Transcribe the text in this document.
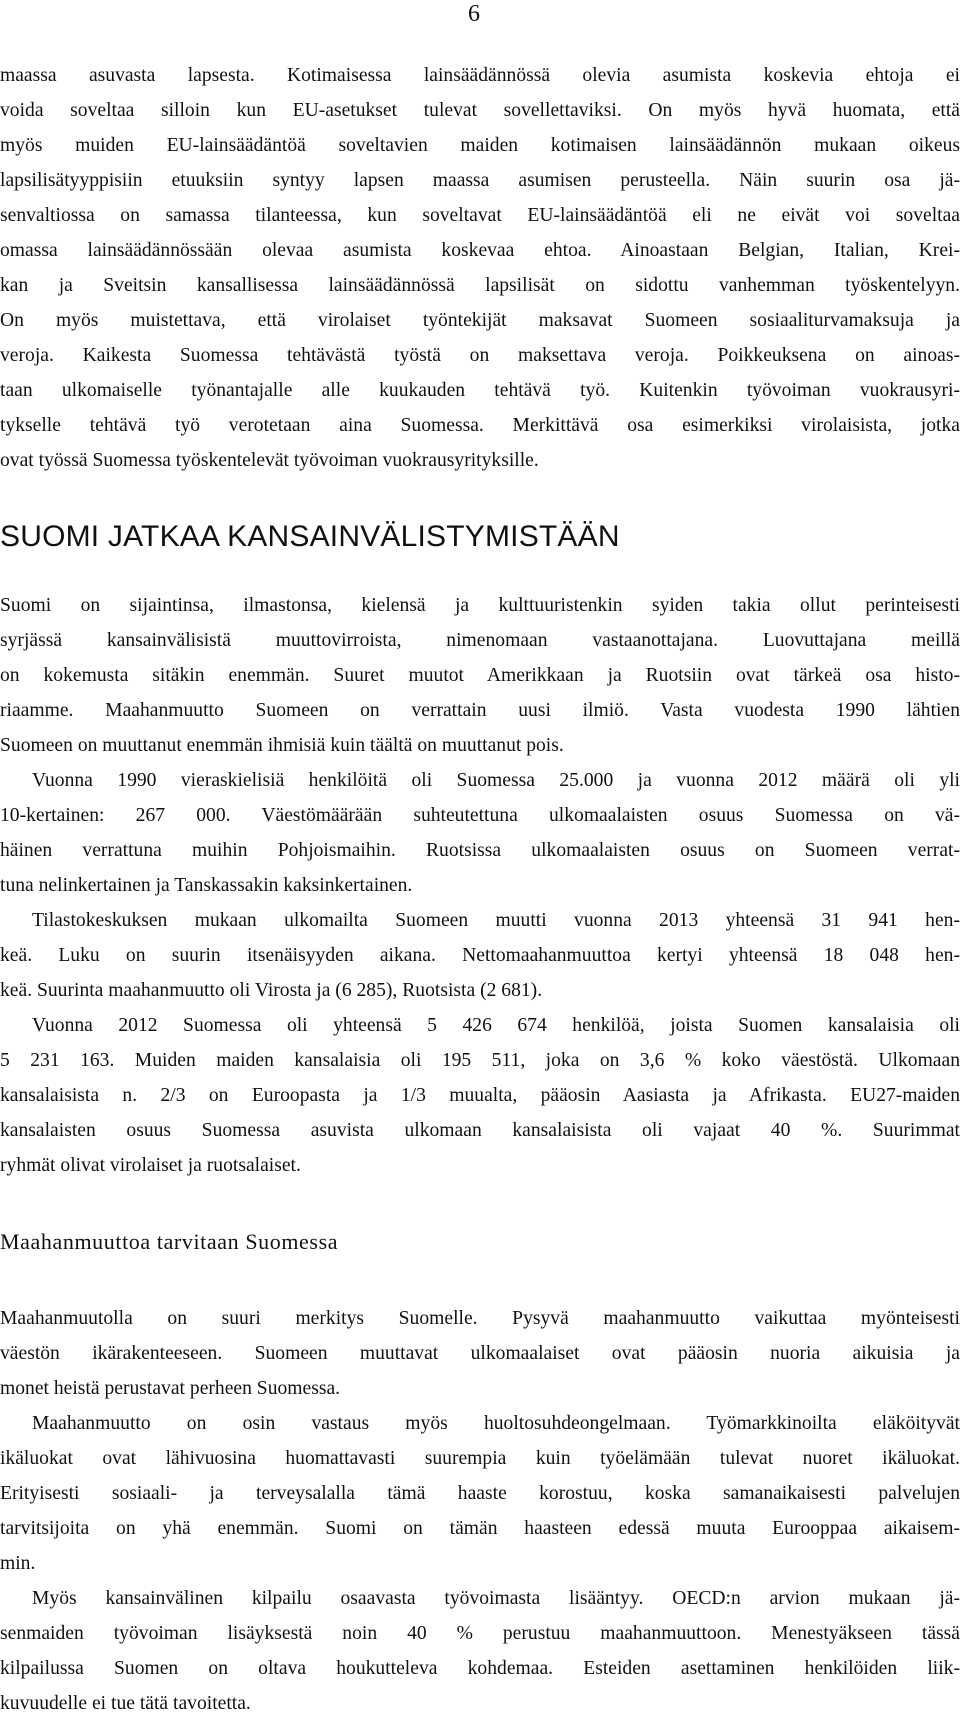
6
maassa asuvasta lapsesta. Kotimaisessa lainsäädännössä olevia asumista koskevia ehtoja ei
voida soveltaa silloin kun EU-asetukset tulevat sovellettaviksi. On myös hyvä huomata, että
myös muiden EU-lainsäädäntöä soveltavien maiden kotimaisen lainsäädännön mukaan oikeus
lapsilisätyyppisiin etuuksiin syntyy lapsen maassa asumisen perusteella. Näin suurin osa jä-
senvaltiossa on samassa tilanteessa, kun soveltavat EU-lainsäädäntöä eli ne eivät voi soveltaa
omassa lainsäädännössään olevaa asumista koskevaa ehtoa. Ainoastaan Belgian, Italian, Krei-
kan ja Sveitsin kansallisessa lainsäädännössä lapsilisät on sidottu vanhemman työskentelyyn.
On myös muistettava, että virolaiset työntekijät maksavat Suomeen sosiaaliturvamaksuja ja
veroja. Kaikesta Suomessa tehtävästä työstä on maksettava veroja. Poikkeuksena on ainoas-
taan ulkomaiselle työnantajalle alle kuukauden tehtävä työ. Kuitenkin työvoiman vuokrausyri-
tykselle tehtävä työ verotetaan aina Suomessa. Merkittävä osa esimerkiksi virolaisista, jotka
ovat työssä Suomessa työskentelevät työvoiman vuokrausyrityksille.
SUOMI JATKAA KANSAINVÄLISTYMISTÄÄN
Suomi on sijaintinsa, ilmastonsa, kielensä ja kulttuuristenkin syiden takia ollut perinteisesti
syrjässä kansainvälisistä muuttovirroista, nimenomaan vastaanottajana. Luovuttajana meillä
on kokemusta sitäkin enemmän. Suuret muutot Amerikkaan ja Ruotsiin ovat tärkeä osa histo-
riaamme. Maahanmuutto Suomeen on verrattain uusi ilmiö. Vasta vuodesta 1990 lähtien
Suomeen on muuttanut enemmän ihmisiä kuin täältä on muuttanut pois.
Vuonna 1990 vieraskielisiä henkilöitä oli Suomessa 25.000 ja vuonna 2012 määrä oli yli
10-kertainen: 267 000. Väestömäärään suhteutettuna ulkomaalaisten osuus Suomessa on vä-
häinen verrattuna muihin Pohjoismaihin. Ruotsissa ulkomaalaisten osuus on Suomeen verrat-
tuna nelinkertainen ja Tanskassakin kaksinkertainen.
Tilastokeskuksen mukaan ulkomailta Suomeen muutti vuonna 2013 yhteensä 31 941 hen-
keä. Luku on suurin itsenäisyyden aikana. Nettomaahanmuuttoa kertyi yhteensä 18 048 hen-
keä. Suurinta maahanmuutto oli Virosta ja (6 285), Ruotsista (2 681).
Vuonna 2012 Suomessa oli yhteensä 5 426 674 henkilöä, joista Suomen kansalaisia oli
5 231 163. Muiden maiden kansalaisia oli 195 511, joka on 3,6 % koko väestöstä. Ulkomaan
kansalaisista n. 2/3 on Euroopasta ja 1/3 muualta, pääosin Aasiasta ja Afrikasta. EU27-maiden
kansalaisten osuus Suomessa asuvista ulkomaan kansalaisista oli vajaat 40 %. Suurimmat
ryhmät olivat virolaiset ja ruotsalaiset.
Maahanmuuttoa tarvitaan Suomessa
Maahanmuutolla on suuri merkitys Suomelle. Pysyvä maahanmuutto vaikuttaa myönteisesti
väestön ikärakenteeseen. Suomeen muuttavat ulkomaalaiset ovat pääosin nuoria aikuisia ja
monet heistä perustavat perheen Suomessa.
Maahanmuutto on osin vastaus myös huoltosuhdeongelmaan. Työmarkkinoilta eläköityvät
ikäluokat ovat lähivuosina huomattavasti suurempia kuin työelämään tulevat nuoret ikäluokat.
Erityisesti sosiaali- ja terveysalalla tämä haaste korostuu, koska samanaikaisesti palvelujen
tarvitsijoita on yhä enemmän. Suomi on tämän haasteen edessä muuta Eurooppaa aikaisem-
min.
Myös kansainvälinen kilpailu osaavasta työvoimasta lisääntyy. OECD:n arvion mukaan jä-
senmaiden työvoiman lisäyksestä noin 40 % perustuu maahanmuuttoon. Menestyäkseen tässä
kilpailussa Suomen on oltava houkutteleva kohdemaa. Esteiden asettaminen henkilöiden liik-
kuvuudelle ei tue tätä tavoitetta.
